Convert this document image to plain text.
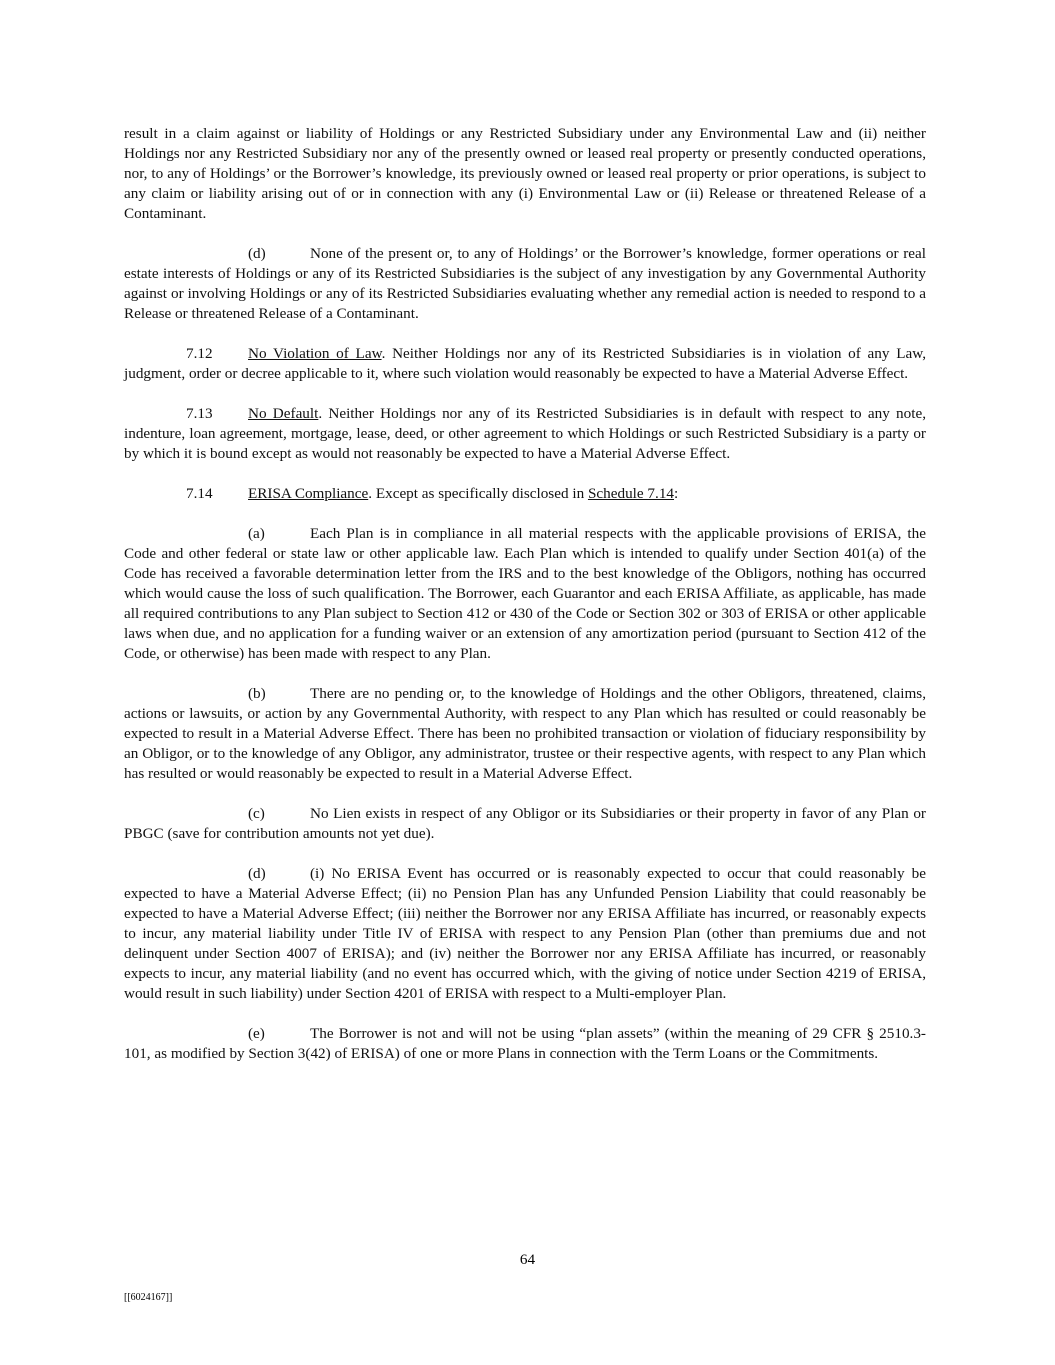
result in a claim against or liability of Holdings or any Restricted Subsidiary under any Environmental Law and (ii) neither Holdings nor any Restricted Subsidiary nor any of the presently owned or leased real property or presently conducted operations, nor, to any of Holdings’ or the Borrower’s knowledge, its previously owned or leased real property or prior operations, is subject to any claim or liability arising out of or in connection with any (i) Environmental Law or (ii) Release or threatened Release of a Contaminant.

(d)	None of the present or, to any of Holdings’ or the Borrower’s knowledge, former operations or real estate interests of Holdings or any of its Restricted Subsidiaries is the subject of any investigation by any Governmental Authority against or involving Holdings or any of its Restricted Subsidiaries evaluating whether any remedial action is needed to respond to a Release or threatened Release of a Contaminant.

7.12 No Violation of Law. Neither Holdings nor any of its Restricted Subsidiaries is in violation of any Law, judgment, order or decree applicable to it, where such violation would reasonably be expected to have a Material Adverse Effect.

7.13 No Default. Neither Holdings nor any of its Restricted Subsidiaries is in default with respect to any note, indenture, loan agreement, mortgage, lease, deed, or other agreement to which Holdings or such Restricted Subsidiary is a party or by which it is bound except as would not reasonably be expected to have a Material Adverse Effect.

7.14 ERISA Compliance. Except as specifically disclosed in Schedule 7.14:

(a)	Each Plan is in compliance in all material respects with the applicable provisions of ERISA, the Code and other federal or state law or other applicable law. Each Plan which is intended to qualify under Section 401(a) of the Code has received a favorable determination letter from the IRS and to the best knowledge of the Obligors, nothing has occurred which would cause the loss of such qualification. The Borrower, each Guarantor and each ERISA Affiliate, as applicable, has made all required contributions to any Plan subject to Section 412 or 430 of the Code or Section 302 or 303 of ERISA or other applicable laws when due, and no application for a funding waiver or an extension of any amortization period (pursuant to Section 412 of the Code, or otherwise) has been made with respect to any Plan.

(b)	There are no pending or, to the knowledge of Holdings and the other Obligors, threatened, claims, actions or lawsuits, or action by any Governmental Authority, with respect to any Plan which has resulted or could reasonably be expected to result in a Material Adverse Effect. There has been no prohibited transaction or violation of fiduciary responsibility by an Obligor, or to the knowledge of any Obligor, any administrator, trustee or their respective agents, with respect to any Plan which has resulted or would reasonably be expected to result in a Material Adverse Effect.

(c)	No Lien exists in respect of any Obligor or its Subsidiaries or their property in favor of any Plan or PBGC (save for contribution amounts not yet due).

(d)	(i) No ERISA Event has occurred or is reasonably expected to occur that could reasonably be expected to have a Material Adverse Effect; (ii) no Pension Plan has any Unfunded Pension Liability that could reasonably be expected to have a Material Adverse Effect; (iii) neither the Borrower nor any ERISA Affiliate has incurred, or reasonably expects to incur, any material liability under Title IV of ERISA with respect to any Pension Plan (other than premiums due and not delinquent under Section 4007 of ERISA); and (iv) neither the Borrower nor any ERISA Affiliate has incurred, or reasonably expects to incur, any material liability (and no event has occurred which, with the giving of notice under Section 4219 of ERISA, would result in such liability) under Section 4201 of ERISA with respect to a Multi-employer Plan.

(e)	The Borrower is not and will not be using “plan assets” (within the meaning of 29 CFR § 2510.3-101, as modified by Section 3(42) of ERISA) of one or more Plans in connection with the Term Loans or the Commitments.

64
[[6024167]]
